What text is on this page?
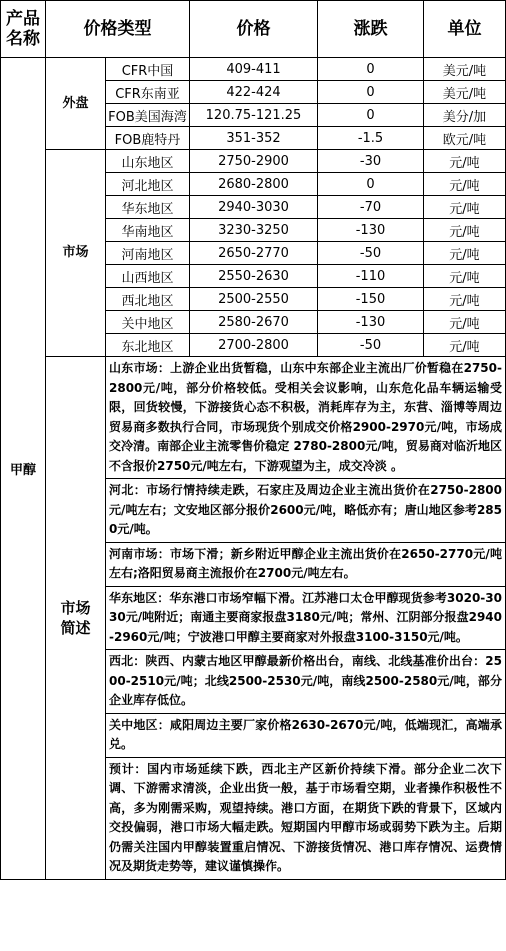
产品名称	价格类型		价格	涨跌	单位
甲醇	外盘	CFR中国	409-411	0	美元/吨
		CFR东南亚	422-424	0	美元/吨
		FOB美国海湾	120.75-121.25	0	美分/加
		FOB鹿特丹	351-352	-1.5	欧元/吨
	市场	山东地区	2750-2900	-30	元/吨
		河北地区	2680-2800	0	元/吨
		华东地区	2940-3030	-70	元/吨
		华南地区	3230-3250	-130	元/吨
		河南地区	2650-2770	-50	元/吨
		山西地区	2550-2630	-110	元/吨
		西北地区	2500-2550	-150	元/吨
		关中地区	2580-2670	-130	元/吨
		东北地区	2700-2800	-50	元/吨
	市场简述	山东市场：上游企业出货暂稳，山东中东部企业主流出厂价暂稳在2750-2800元/吨，部分价格较低。受相关会议影响，山东危化品车辆运输受限，回货较慢，下游接货心态不积极，消耗库存为主，东营、淄博等周边贸易商多数执行合同，市场现货个别成交价格2900-2970元/吨，市场成交冷清。南部企业主流零售价稳定 2780-2800元/吨，贸易商对临沂地区不含报价2750元/吨左右，下游观望为主，成交冷淡 。			
		河北：市场行情持续走跌，石家庄及周边企业主流出货价在2750-2800元/吨左右；文安地区部分报价2600元/吨，略低亦有；唐山地区参考2850元/吨。			
		河南市场：市场下滑；新乡附近甲醇企业主流出货价在2650-2770元/吨左右;洛阳贸易商主流报价在2700元/吨左右。			
		华东地区：华东港口市场窄幅下滑。江苏港口太仓甲醇现货参考3020-3030元/吨附近；南通主要商家报盘3180元/吨；常州、江阴部分报盘2940-2960元/吨；宁波港口甲醇主要商家对外报盘3100-3150元/吨。			
		西北：陕西、内蒙古地区甲醇最新价格出台，南线、北线基准价出台：2500-2510元/吨；北线2500-2530元/吨，南线2500-2580元/吨，部分企业库存低位。			
		关中地区：咸阳周边主要厂家价格2630-2670元/吨，低端现汇，高端承兑。			
		预计：国内市场延续下跌，西北主产区新价持续下滑。部分企业二次下调、下游需求清淡，企业出货一般，基于市场看空期，业者操作积极性不高，多为刚需采购，观望持续。港口方面，在期货下跌的背景下，区域内交投偏弱，港口市场大幅走跌。短期国内甲醇市场或弱势下跌为主。后期仍需关注国内甲醇装置重启情况、下游接货情况、港口库存情况、运费情况及期货走势等，建议谨慎操作。			
